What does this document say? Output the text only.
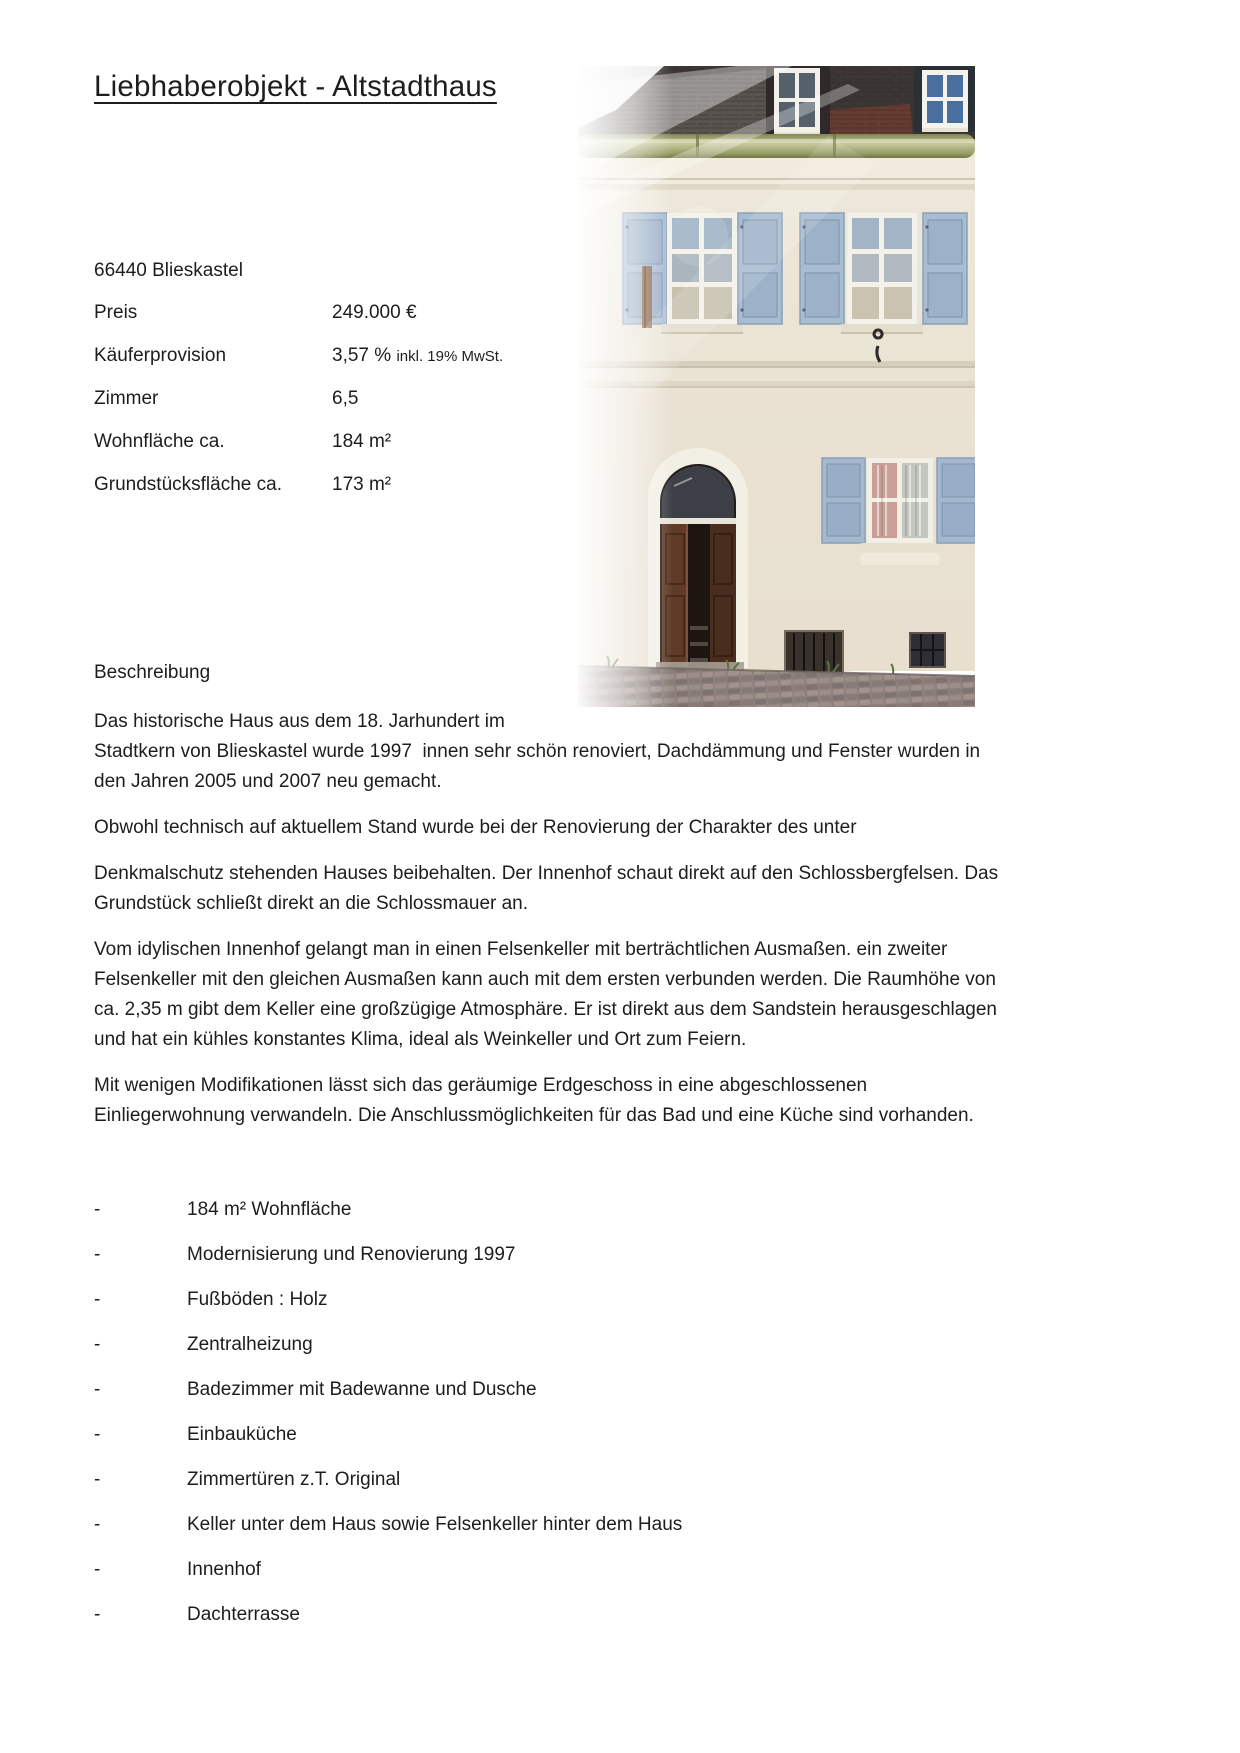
Liebhaberobjekt - Altstadthaus
66440 Blieskastel
Preis	249.000 €
Käuferprovision	3,57 % inkl. 19% MwSt.
Zimmer	6,5
Wohnfläche ca.	184 m²
Grundstücksfläche ca.	173 m²
Beschreibung

Das historische Haus aus dem 18. Jarhundert im
Stadtkern von Blieskastel wurde 1997  innen sehr schön renoviert, Dachdämmung und Fenster wurden in
den Jahren 2005 und 2007 neu gemacht.

Obwohl technisch auf aktuellem Stand wurde bei der Renovierung der Charakter des unter

Denkmalschutz stehenden Hauses beibehalten. Der Innenhof schaut direkt auf den Schlossbergfelsen. Das
Grundstück schließt direkt an die Schlossmauer an.

Vom idylischen Innenhof gelangt man in einen Felsenkeller mit berträchtlichen Ausmaßen. ein zweiter
Felsenkeller mit den gleichen Ausmaßen kann auch mit dem ersten verbunden werden. Die Raumhöhe von
ca. 2,35 m gibt dem Keller eine großzügige Atmosphäre. Er ist direkt aus dem Sandstein herausgeschlagen
und hat ein kühles konstantes Klima, ideal als Weinkeller und Ort zum Feiern.

Mit wenigen Modifikationen lässt sich das geräumige Erdgeschoss in eine abgeschlossenen
Einliegerwohnung verwandeln. Die Anschlussmöglichkeiten für das Bad und eine Küche sind vorhanden.

-	184 m² Wohnfläche
-	Modernisierung und Renovierung 1997
-	Fußböden : Holz
-	Zentralheizung
-	Badezimmer mit Badewanne und Dusche
-	Einbauküche
-	Zimmertüren z.T. Original
-	Keller unter dem Haus sowie Felsenkeller hinter dem Haus
-	Innenhof
-	Dachterrasse
